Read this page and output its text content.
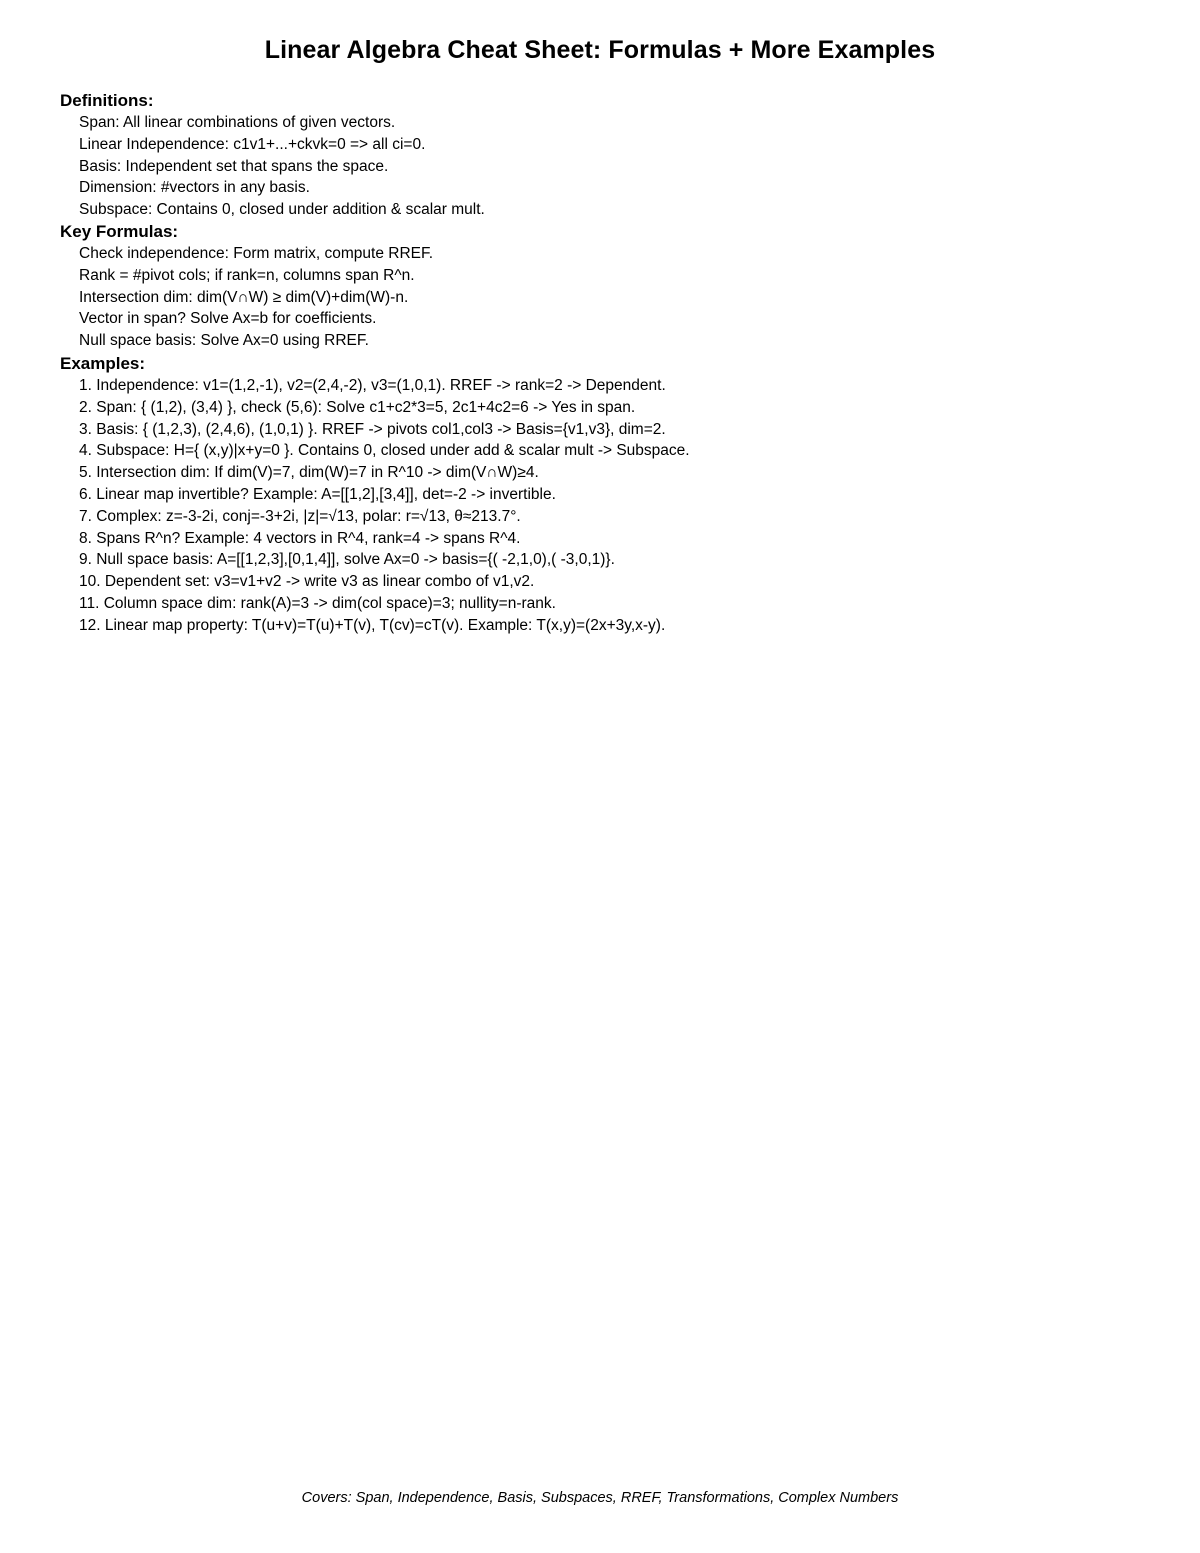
Linear Algebra Cheat Sheet: Formulas + More Examples
Definitions:
Span: All linear combinations of given vectors.
Linear Independence: c1v1+...+ckvk=0 => all ci=0.
Basis: Independent set that spans the space.
Dimension: #vectors in any basis.
Subspace: Contains 0, closed under addition & scalar mult.
Key Formulas:
Check independence: Form matrix, compute RREF.
Rank = #pivot cols; if rank=n, columns span R^n.
Intersection dim: dim(V∩W) ≥ dim(V)+dim(W)-n.
Vector in span? Solve Ax=b for coefficients.
Null space basis: Solve Ax=0 using RREF.
Examples:
1. Independence: v1=(1,2,-1), v2=(2,4,-2), v3=(1,0,1). RREF -> rank=2 -> Dependent.
2. Span: { (1,2), (3,4) }, check (5,6): Solve c1+c2*3=5, 2c1+4c2=6 -> Yes in span.
3. Basis: { (1,2,3), (2,4,6), (1,0,1) }. RREF -> pivots col1,col3 -> Basis={v1,v3}, dim=2.
4. Subspace: H={ (x,y)|x+y=0 }. Contains 0, closed under add & scalar mult -> Subspace.
5. Intersection dim: If dim(V)=7, dim(W)=7 in R^10 -> dim(V∩W)≥4.
6. Linear map invertible? Example: A=[[1,2],[3,4]], det=-2 -> invertible.
7. Complex: z=-3-2i, conj=-3+2i, |z|=√13, polar: r=√13, θ≈213.7°.
8. Spans R^n? Example: 4 vectors in R^4, rank=4 -> spans R^4.
9. Null space basis: A=[[1,2,3],[0,1,4]], solve Ax=0 -> basis={( -2,1,0),( -3,0,1)}.
10. Dependent set: v3=v1+v2 -> write v3 as linear combo of v1,v2.
11. Column space dim: rank(A)=3 -> dim(col space)=3; nullity=n-rank.
12. Linear map property: T(u+v)=T(u)+T(v), T(cv)=cT(v). Example: T(x,y)=(2x+3y,x-y).

Covers: Span, Independence, Basis, Subspaces, RREF, Transformations, Complex Numbers
